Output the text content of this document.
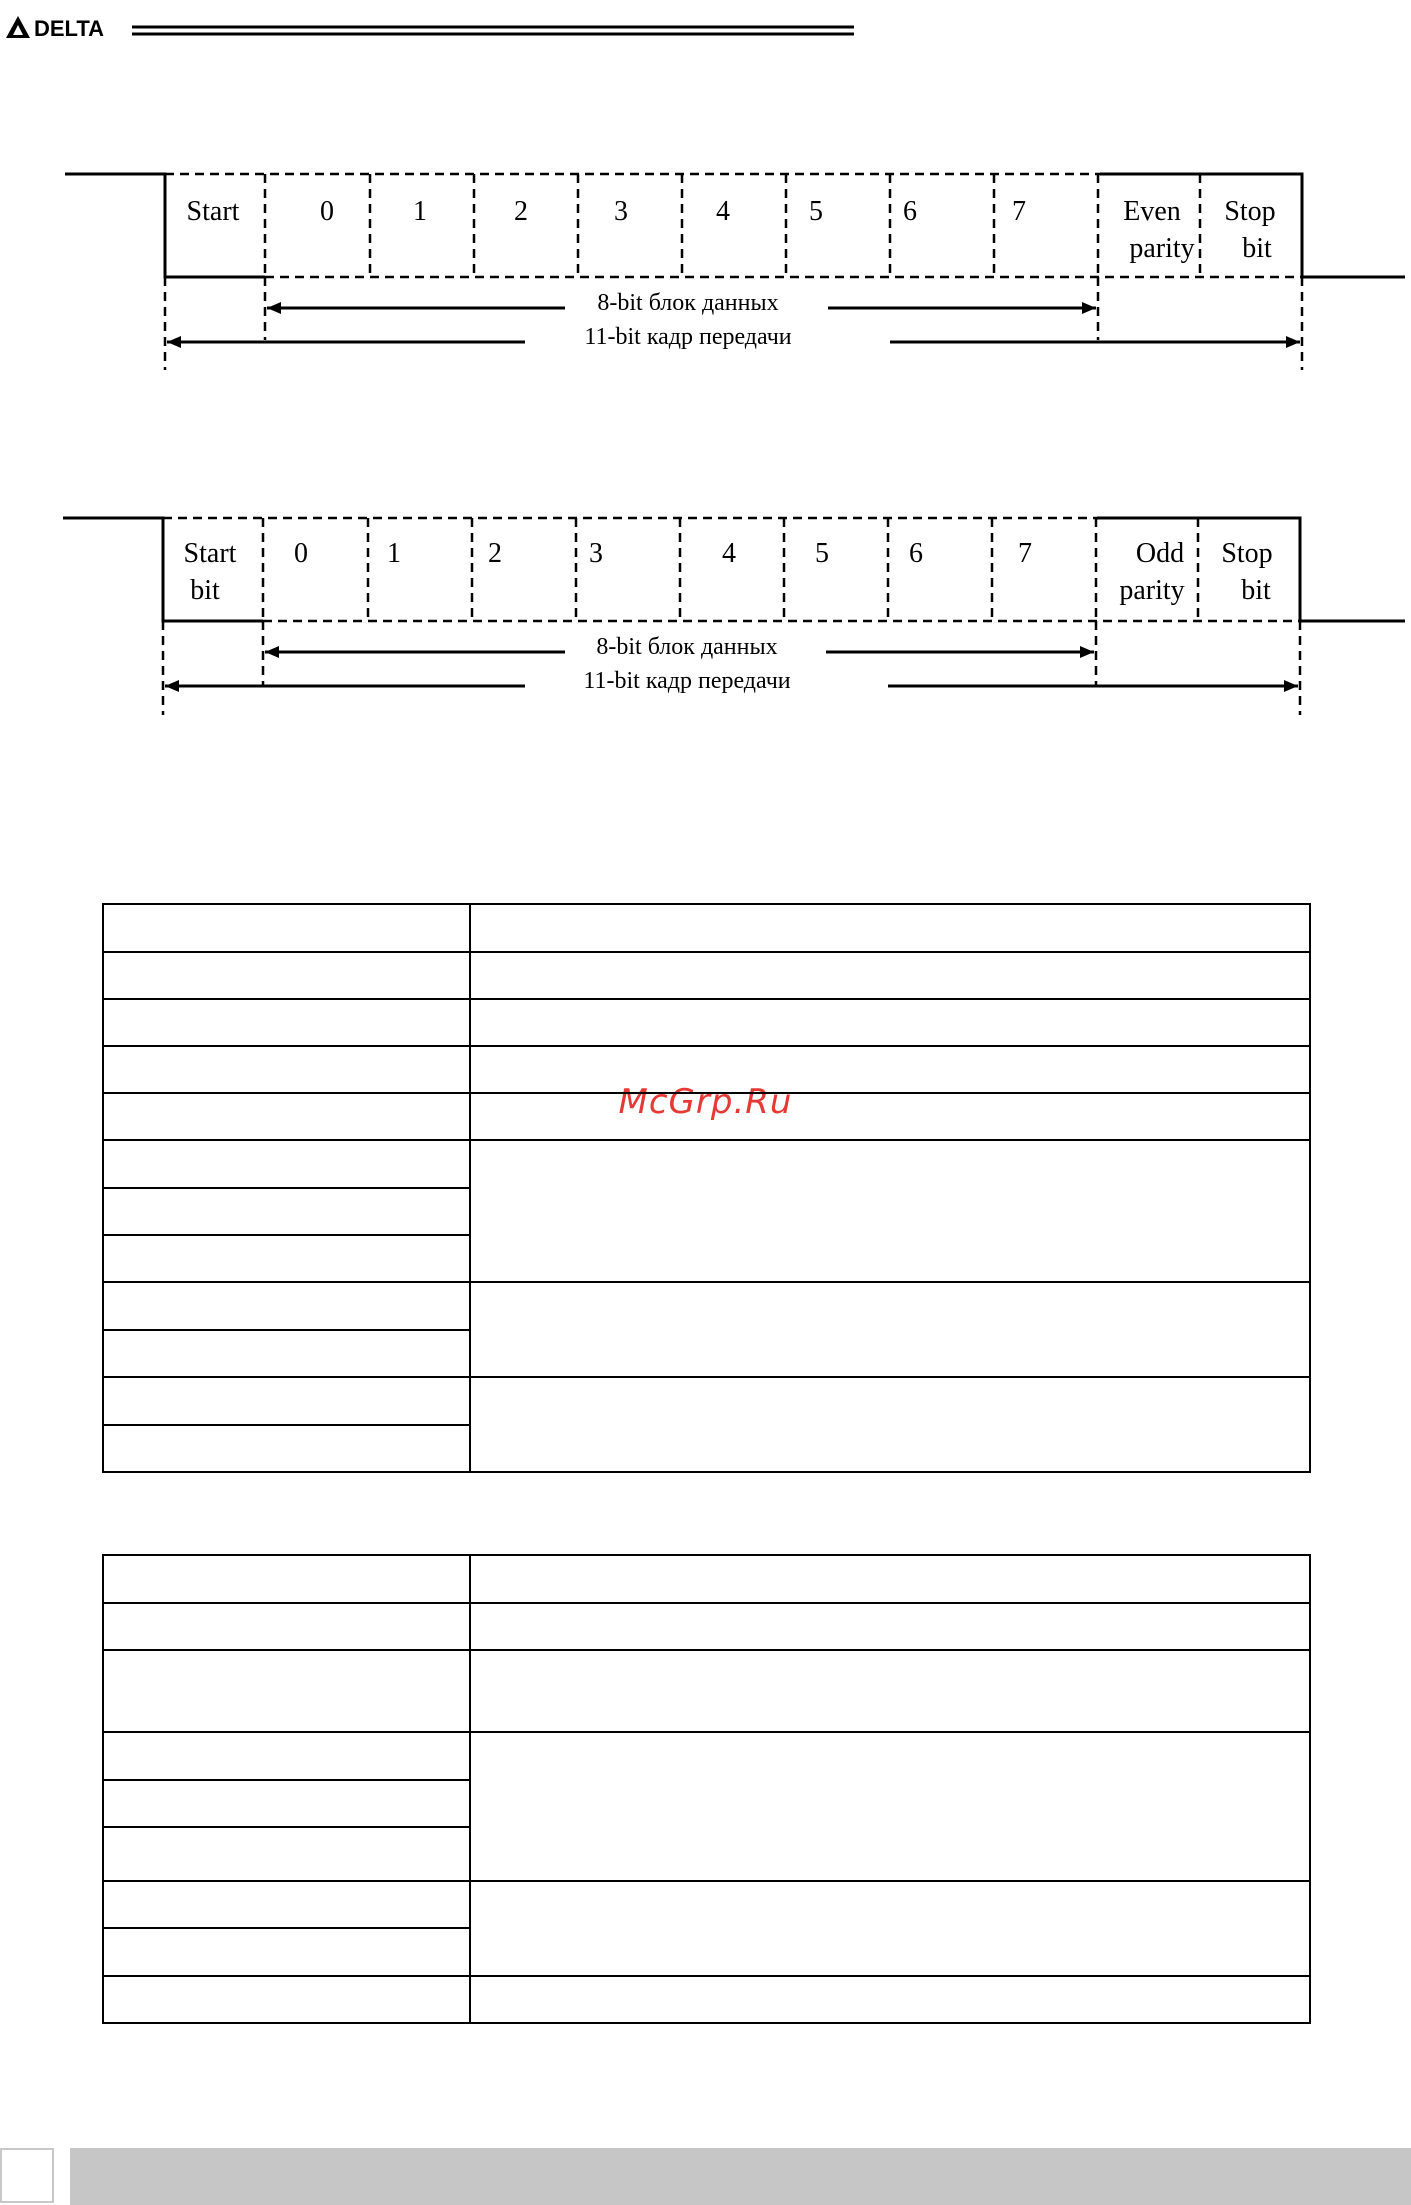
DELTA
Start	0	1	2	3	4	5	6	7	Even
parity
Stop
bit
8-bit блок данных
11-bit кадр передачи
Start
bit
0	1	2	3	4	5	6	7	Odd
parity
Stop
bit
8-bit блок данных
11-bit кадр передачи
McGrp.Ru
